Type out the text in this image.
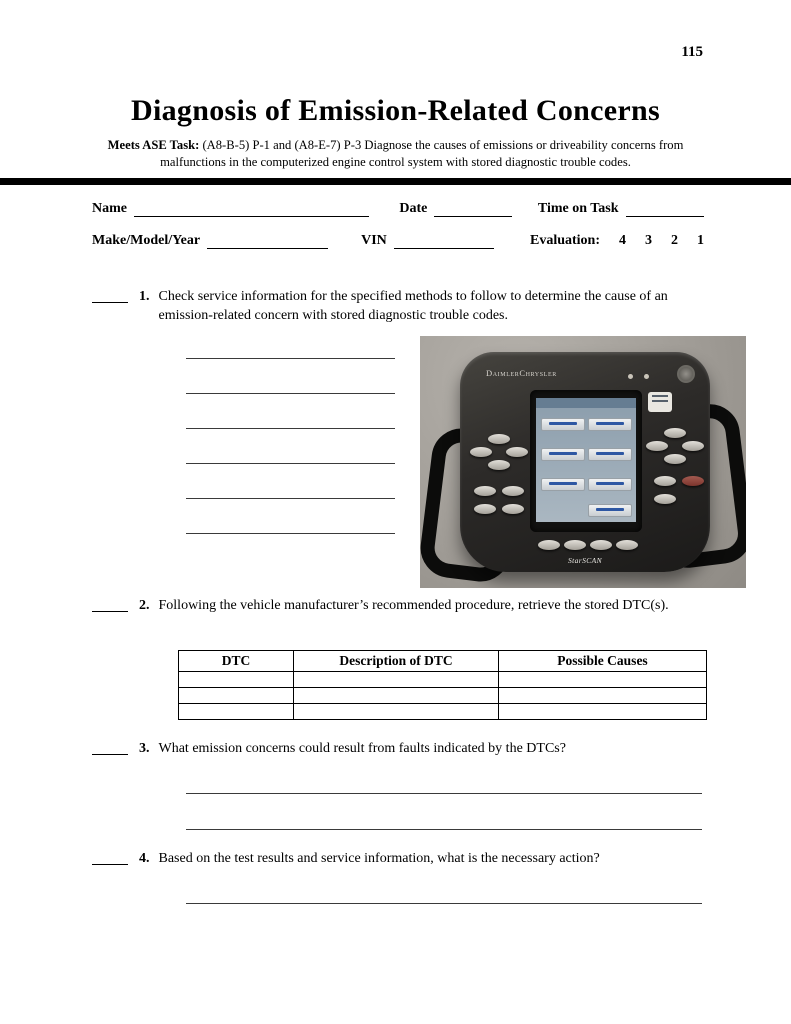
115
Diagnosis of Emission-Related Concerns
Meets ASE Task: (A8-B-5) P-1 and (A8-E-7) P-3 Diagnose the causes of emissions or driveability concerns from malfunctions in the computerized engine control system with stored diagnostic trouble codes.
Name	Date	Time on Task
Make/Model/Year	VIN	Evaluation: 4 3 2 1
1. Check service information for the specified methods to follow to determine the cause of an emission-related concern with stored diagnostic trouble codes.
DaimlerChrysler
StarSCAN
2. Following the vehicle manufacturer’s recommended procedure, retrieve the stored DTC(s).
DTC	Description of DTC	Possible Causes

3. What emission concerns could result from faults indicated by the DTCs?
4. Based on the test results and service information, what is the necessary action?
